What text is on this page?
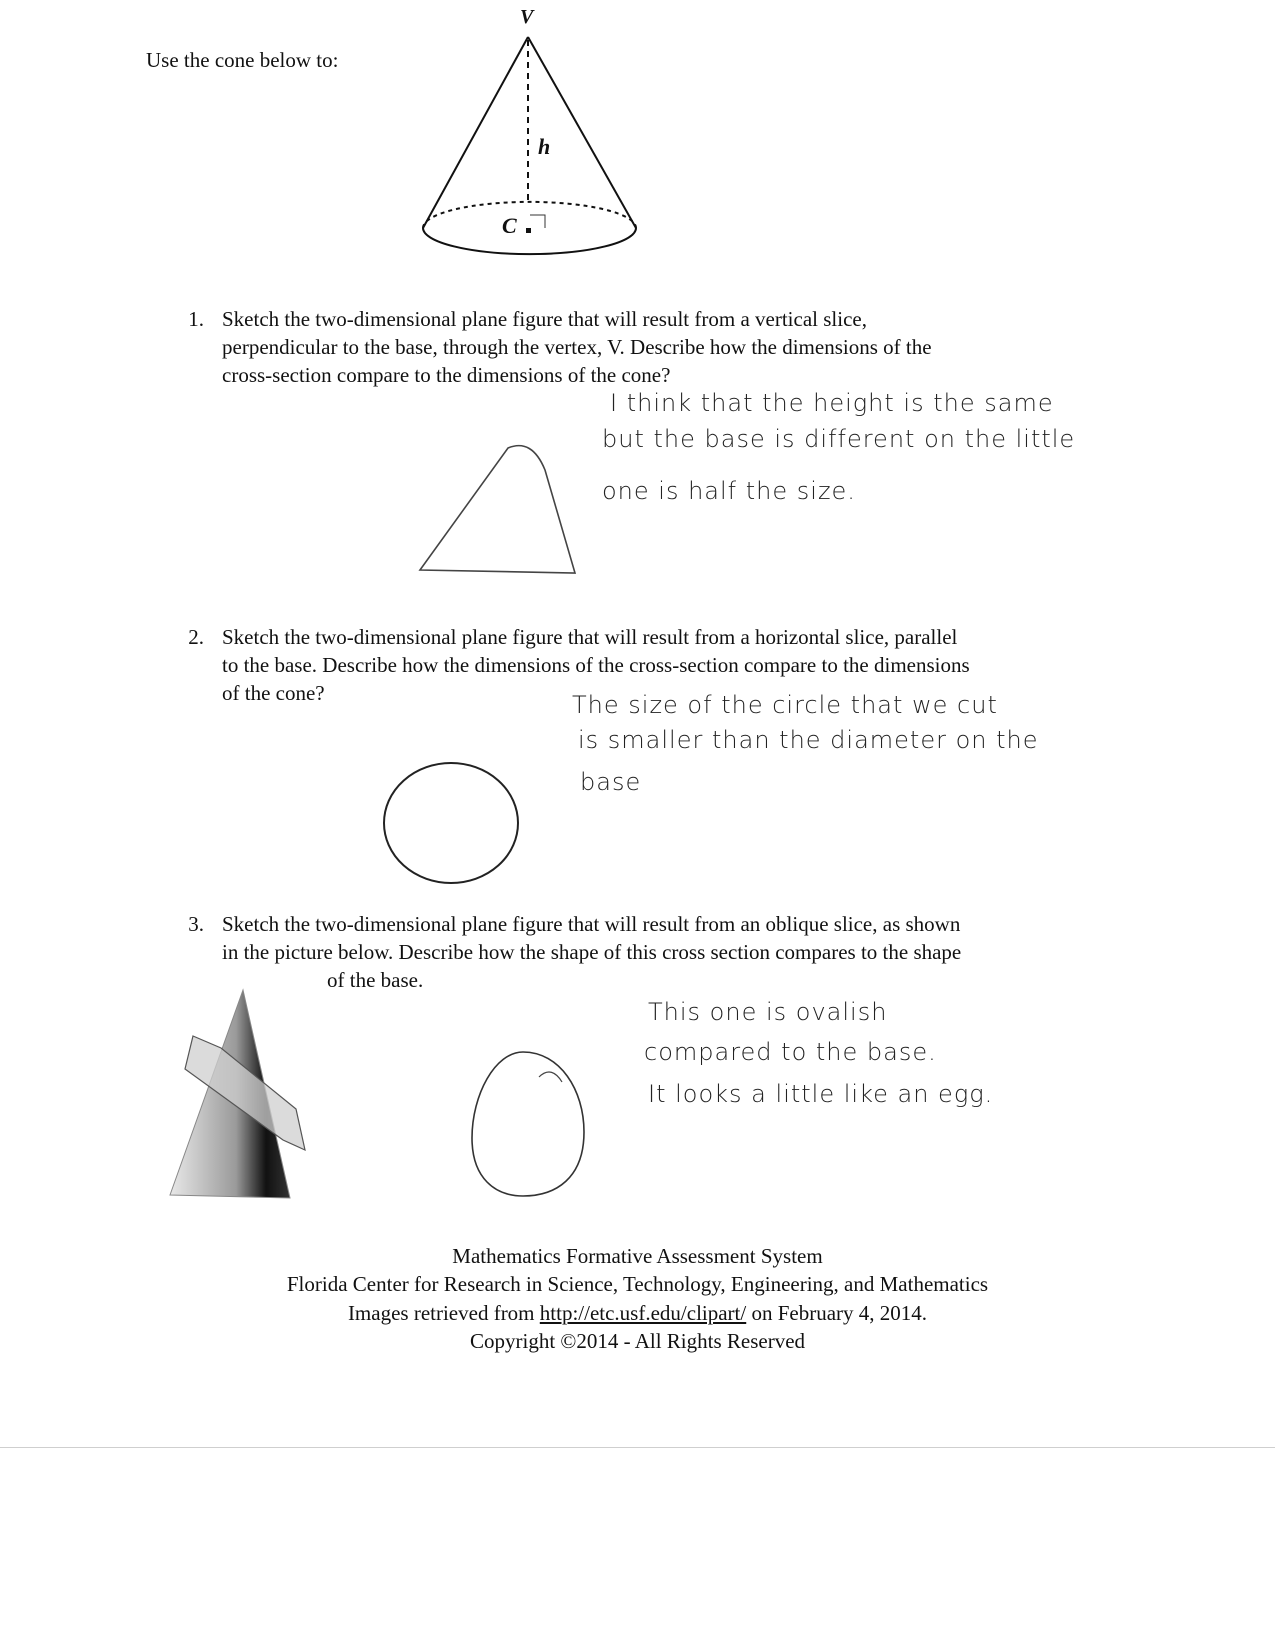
Use the cone below to:
V
h
C
1. Sketch the two-dimensional plane figure that will result from a vertical slice,
perpendicular to the base, through the vertex, V. Describe how the dimensions of the
cross-section compare to the dimensions of the cone?
I think that the height is the same
but the base is different on the little
one is half the size.
2. Sketch the two-dimensional plane figure that will result from a horizontal slice, parallel
to the base. Describe how the dimensions of the cross-section compare to the dimensions
of the cone?	The size of the circle that we cut
is smaller than the diameter on the
base
3. Sketch the two-dimensional plane figure that will result from an oblique slice, as shown
in the picture below. Describe how the shape of this cross section compares to the shape
of the base.
This one is ovalish
compared to the base.
It looks a little like an egg.
Mathematics Formative Assessment System
Florida Center for Research in Science, Technology, Engineering, and Mathematics
Images retrieved from http://etc.usf.edu/clipart/ on February 4, 2014.
Copyright ©2014 - All Rights Reserved
